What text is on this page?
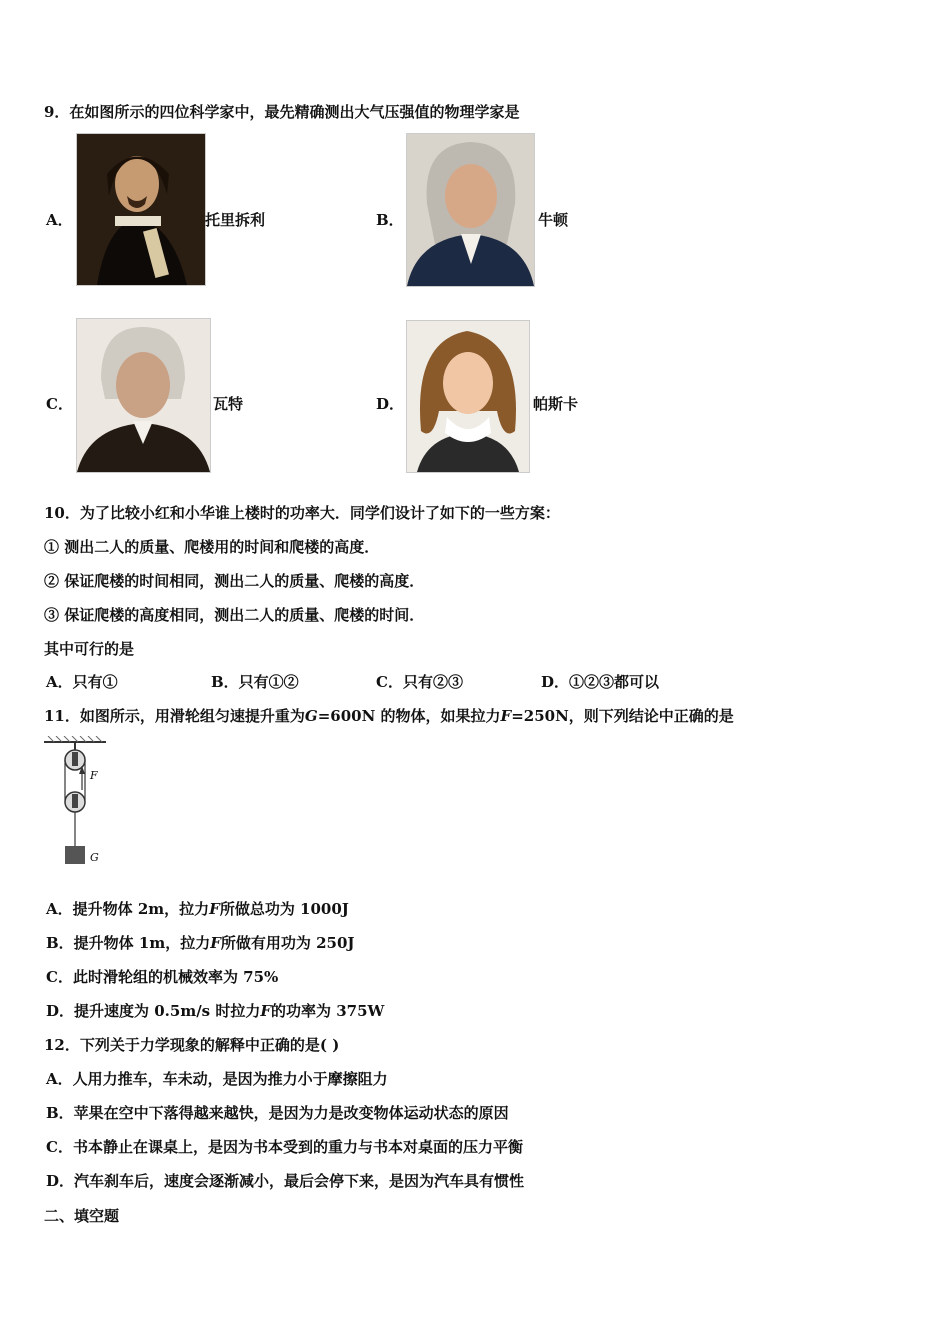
9．在如图所示的四位科学家中，最先精确测出大气压强值的物理学家是
A．	托里拆利	B．	牛顿
C．	瓦特	D．	帕斯卡
10．为了比较小红和小华谁上楼时的功率大．同学们设计了如下的一些方案：
① 测出二人的质量、爬楼用的时间和爬楼的高度．
② 保证爬楼的时间相同，测出二人的质量、爬楼的高度．
③ 保证爬楼的高度相同，测出二人的质量、爬楼的时间．
其中可行的是
A．只有①	B．只有①②	C．只有②③	D．①②③都可以
11．如图所示，用滑轮组匀速提升重为G=600N 的物体，如果拉力F=250N，则下列结论中正确的是
F
G
A．提升物体 2m，拉力F所做总功为 1000J
B．提升物体 1m，拉力F所做有用功为 250J
C．此时滑轮组的机械效率为 75%
D．提升速度为 0.5m/s 时拉力F的功率为 375W
12．下列关于力学现象的解释中正确的是( )
A．人用力推车，车未动，是因为推力小于摩擦阻力
B．苹果在空中下落得越来越快，是因为力是改变物体运动状态的原因
C．书本静止在课桌上，是因为书本受到的重力与书本对桌面的压力平衡
D．汽车刹车后，速度会逐渐减小，最后会停下来，是因为汽车具有惯性
二、填空题
